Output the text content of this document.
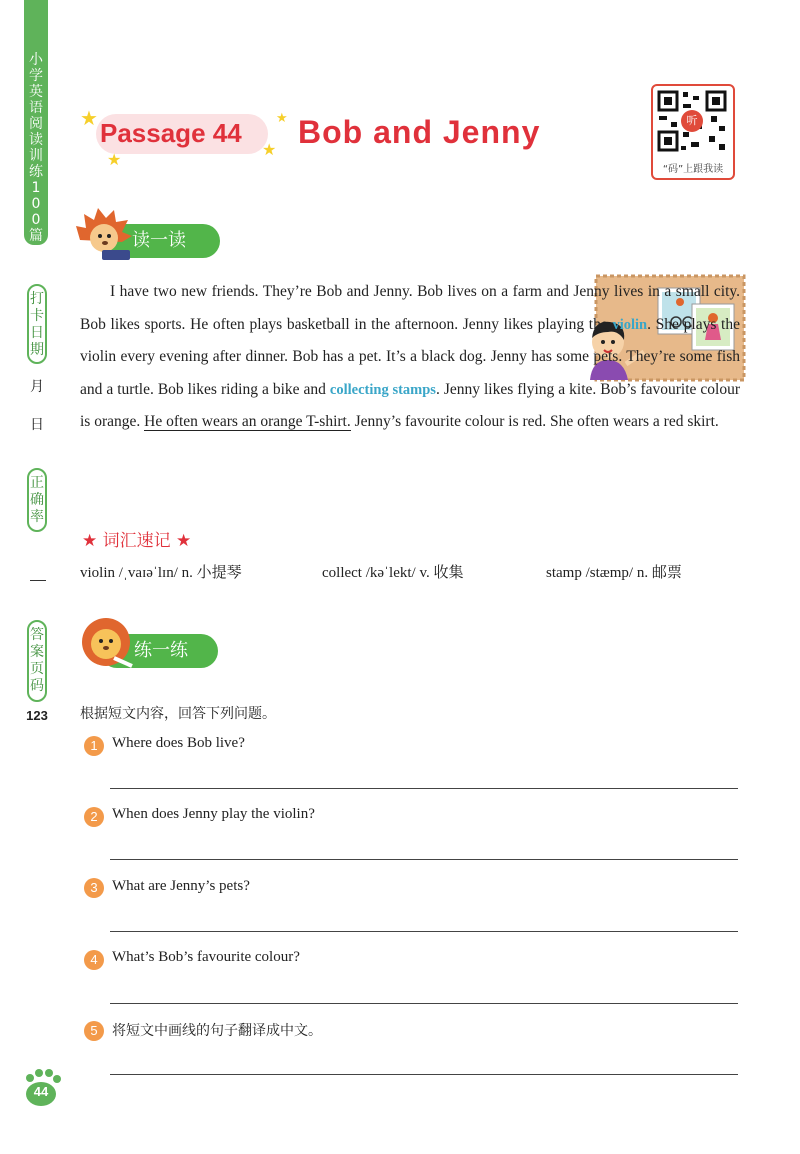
小学英语阅读训练100篇
打卡日期
月
日
正确率
答案页码
123
★
★
★
★
Passage 44 Bob and Jenny	听
“码”上跟我读
读一读

I have two new friends. They’re Bob and Jenny. Bob lives on a farm and Jenny lives in a small city. Bob likes sports. He often plays basketball in the afternoon. Jenny likes playing the violin. She plays the violin every evening after dinner. Bob has a pet. It’s a black dog. Jenny has some pets. They’re some fish and a turtle. Bob likes riding a bike and collecting stamps. Jenny likes flying a kite. Bob’s favourite colour is orange. He often wears an orange T-shirt. Jenny’s favourite colour is red. She often wears a red skirt.

★ 词汇速记 ★
violin /ˌvaɪəˈlɪn/ n. 小提琴	collect /kəˈlekt/ v. 收集	stamp /stæmp/ n. 邮票
练一练
根据短文内容，回答下列问题。
1 Where does Bob live?
2 When does Jenny play the violin?
3 What are Jenny’s pets?
4 What’s Bob’s favourite colour?
5	将短文中画线的句子翻译成中文。
44
